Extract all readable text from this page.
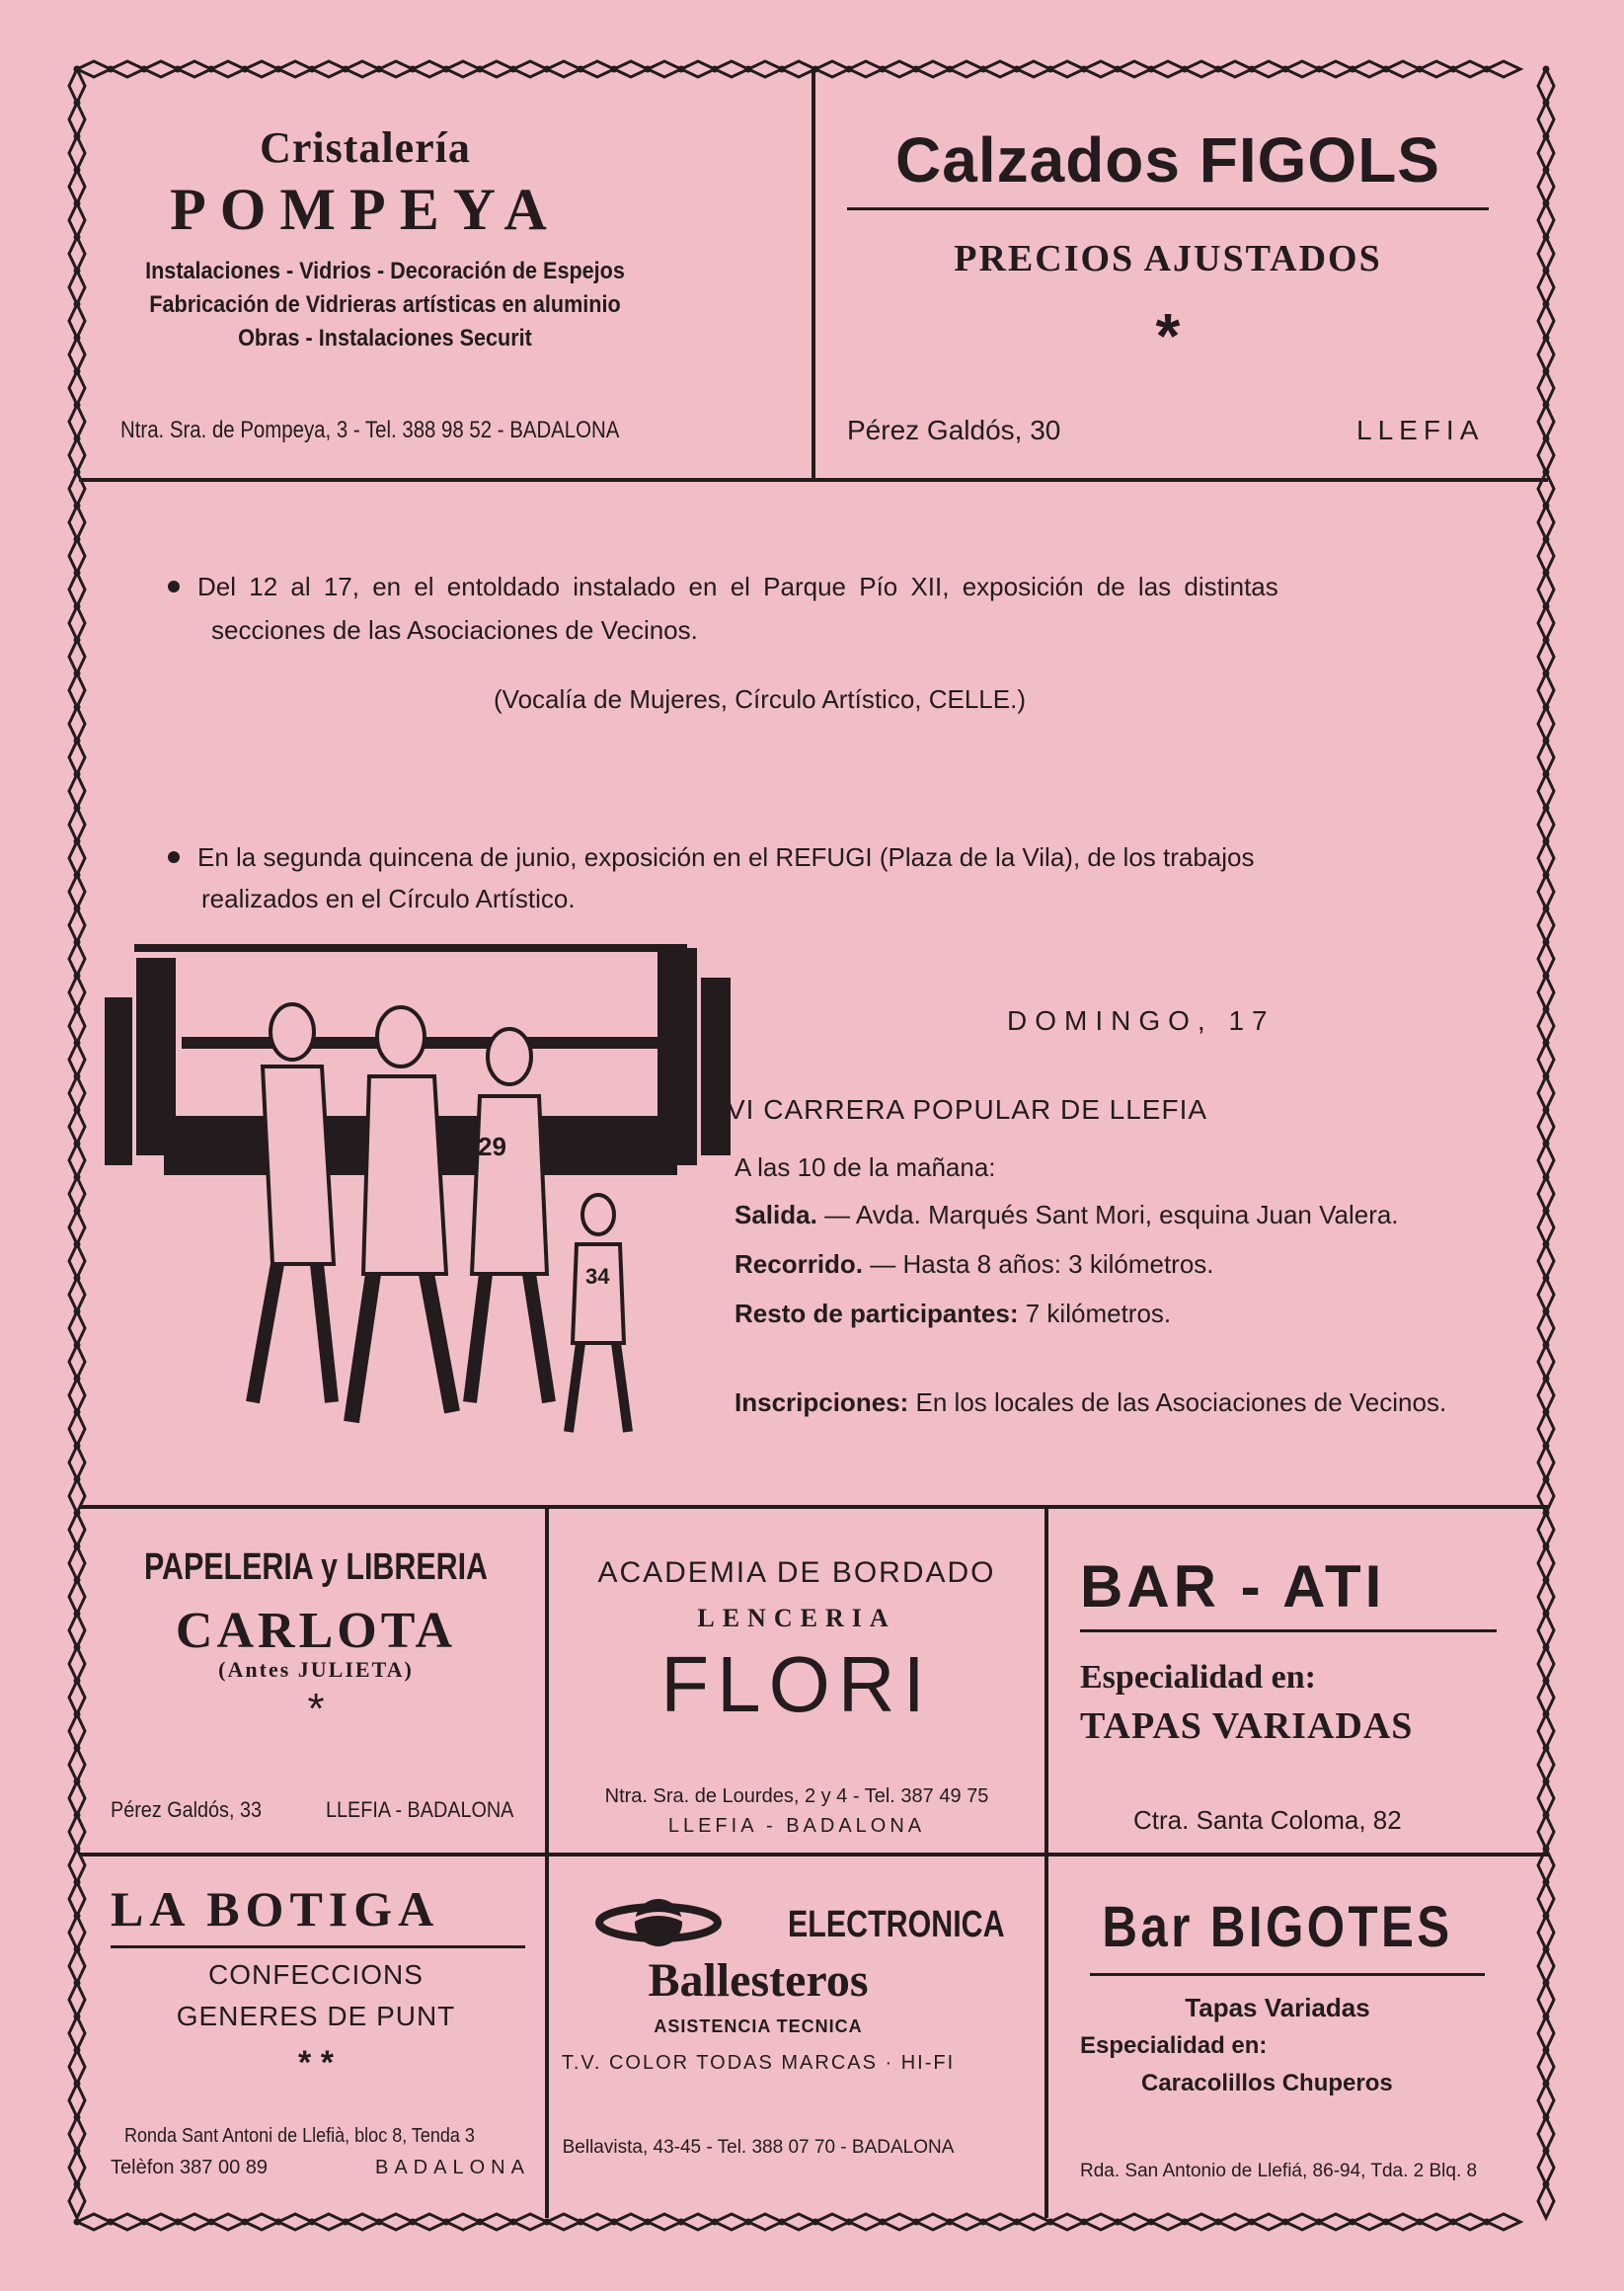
Cristalería
POMPEYA
Instalaciones - Vidrios - Decoración de Espejos
Fabricación de Vidrieras artísticas en aluminio
Obras - Instalaciones Securit
Ntra. Sra. de Pompeya, 3 - Tel. 388 98 52 - BADALONA
Calzados FIGOLS
PRECIOS AJUSTADOS
*
Pérez Galdós, 30	LLEFIA
Del 12 al 17, en el entoldado instalado en el Parque Pío XII, exposición de las distintas
secciones de las Asociaciones de Vecinos.
(Vocalía de Mujeres, Círculo Artístico, CELLE.)
En la segunda quincena de junio, exposición en el REFUGI (Plaza de la Vila), de los trabajos
realizados en el Círculo Artístico.
7	29
34
87
DOMINGO, 17
VI CARRERA POPULAR DE LLEFIA
A las 10 de la mañana:
Salida. — Avda. Marqués Sant Mori, esquina Juan Valera.
Recorrido. — Hasta 8 años: 3 kilómetros.
Resto de participantes: 7 kilómetros.
Inscripciones: En los locales de las Asociaciones de Vecinos.
PAPELERIA y LIBRERIA
CARLOTA
(Antes JULIETA)
*
Pérez Galdós, 33	LLEFIA - BADALONA
ACADEMIA DE BORDADO
LENCERIA
FLORI
Ntra. Sra. de Lourdes, 2 y 4 - Tel. 387 49 75
LLEFIA - BADALONA
BAR - ATI
Especialidad en:
TAPAS VARIADAS
Ctra. Santa Coloma, 82
LA BOTIGA
CONFECCIONS
GENERES DE PUNT
* *
Ronda Sant Antoni de Llefià, bloc 8, Tenda 3
Telèfon 387 00 89	BADALONA
ELECTRONICA
Ballesteros
ASISTENCIA TECNICA
T.V. COLOR TODAS MARCAS · HI-FI
Bellavista, 43-45 - Tel. 388 07 70 - BADALONA
Bar BIGOTES
Tapas Variadas
Especialidad en:
Caracolillos Chuperos
Rda. San Antonio de Llefiá, 86-94, Tda. 2 Blq. 8
